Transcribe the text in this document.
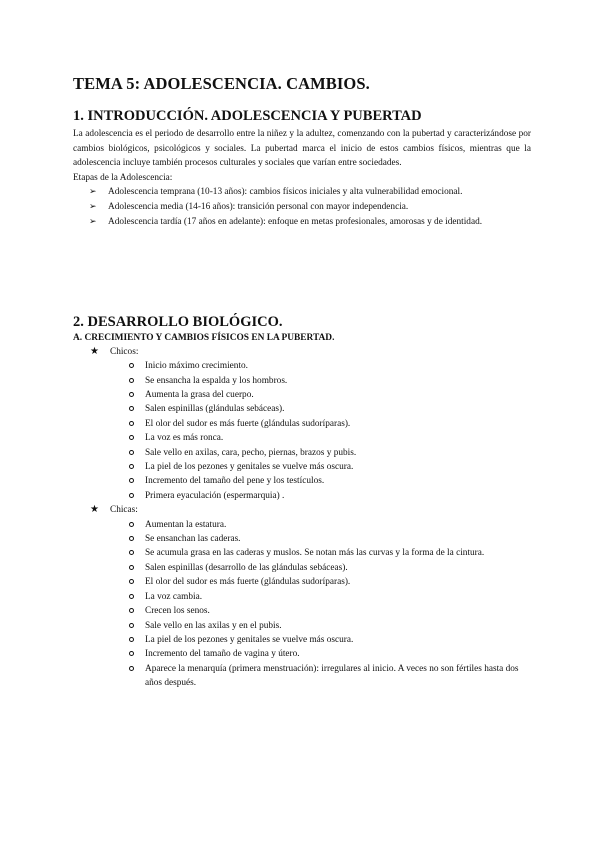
TEMA 5: ADOLESCENCIA. CAMBIOS.
1. INTRODUCCIÓN. ADOLESCENCIA Y PUBERTAD

La adolescencia es el periodo de desarrollo entre la niñez y la adultez, comenzando con la pubertad y caracterizándose por cambios biológicos, psicológicos y sociales. La pubertad marca el inicio de estos cambios físicos, mientras que la adolescencia incluye también procesos culturales y sociales que varían entre sociedades.

Etapas de la Adolescencia:

➢ Adolescencia temprana (10-13 años): cambios físicos iniciales y alta vulnerabilidad emocional.
➢ Adolescencia media (14-16 años): transición personal con mayor independencia.
➢ Adolescencia tardía (17 años en adelante): enfoque en metas profesionales, amorosas y de identidad.
2. DESARROLLO BIOLÓGICO.
A. CRECIMIENTO Y CAMBIOS FÍSICOS EN LA PUBERTAD.
★ Chicos:
Inicio máximo crecimiento.
Se ensancha la espalda y los hombros.
Aumenta la grasa del cuerpo.
Salen espinillas (glándulas sebáceas).
El olor del sudor es más fuerte (glándulas sudoríparas).
La voz es más ronca.
Sale vello en axilas, cara, pecho, piernas, brazos y pubis.
La piel de los pezones y genitales se vuelve más oscura.
Incremento del tamaño del pene y los testículos.
Primera eyaculación (espermarquia) .
★ Chicas:
Aumentan la estatura.
Se ensanchan las caderas.
Se acumula grasa en las caderas y muslos. Se notan más las curvas y la forma de la cintura.
Salen espinillas (desarrollo de las glándulas sebáceas).
El olor del sudor es más fuerte (glándulas sudoríparas).
La voz cambia.
Crecen los senos.
Sale vello en las axilas y en el pubis.
La piel de los pezones y genitales se vuelve más oscura.
Incremento del tamaño de vagina y útero.
Aparece la menarquía (primera menstruación): irregulares al inicio. A veces no son fértiles hasta dos años después.
